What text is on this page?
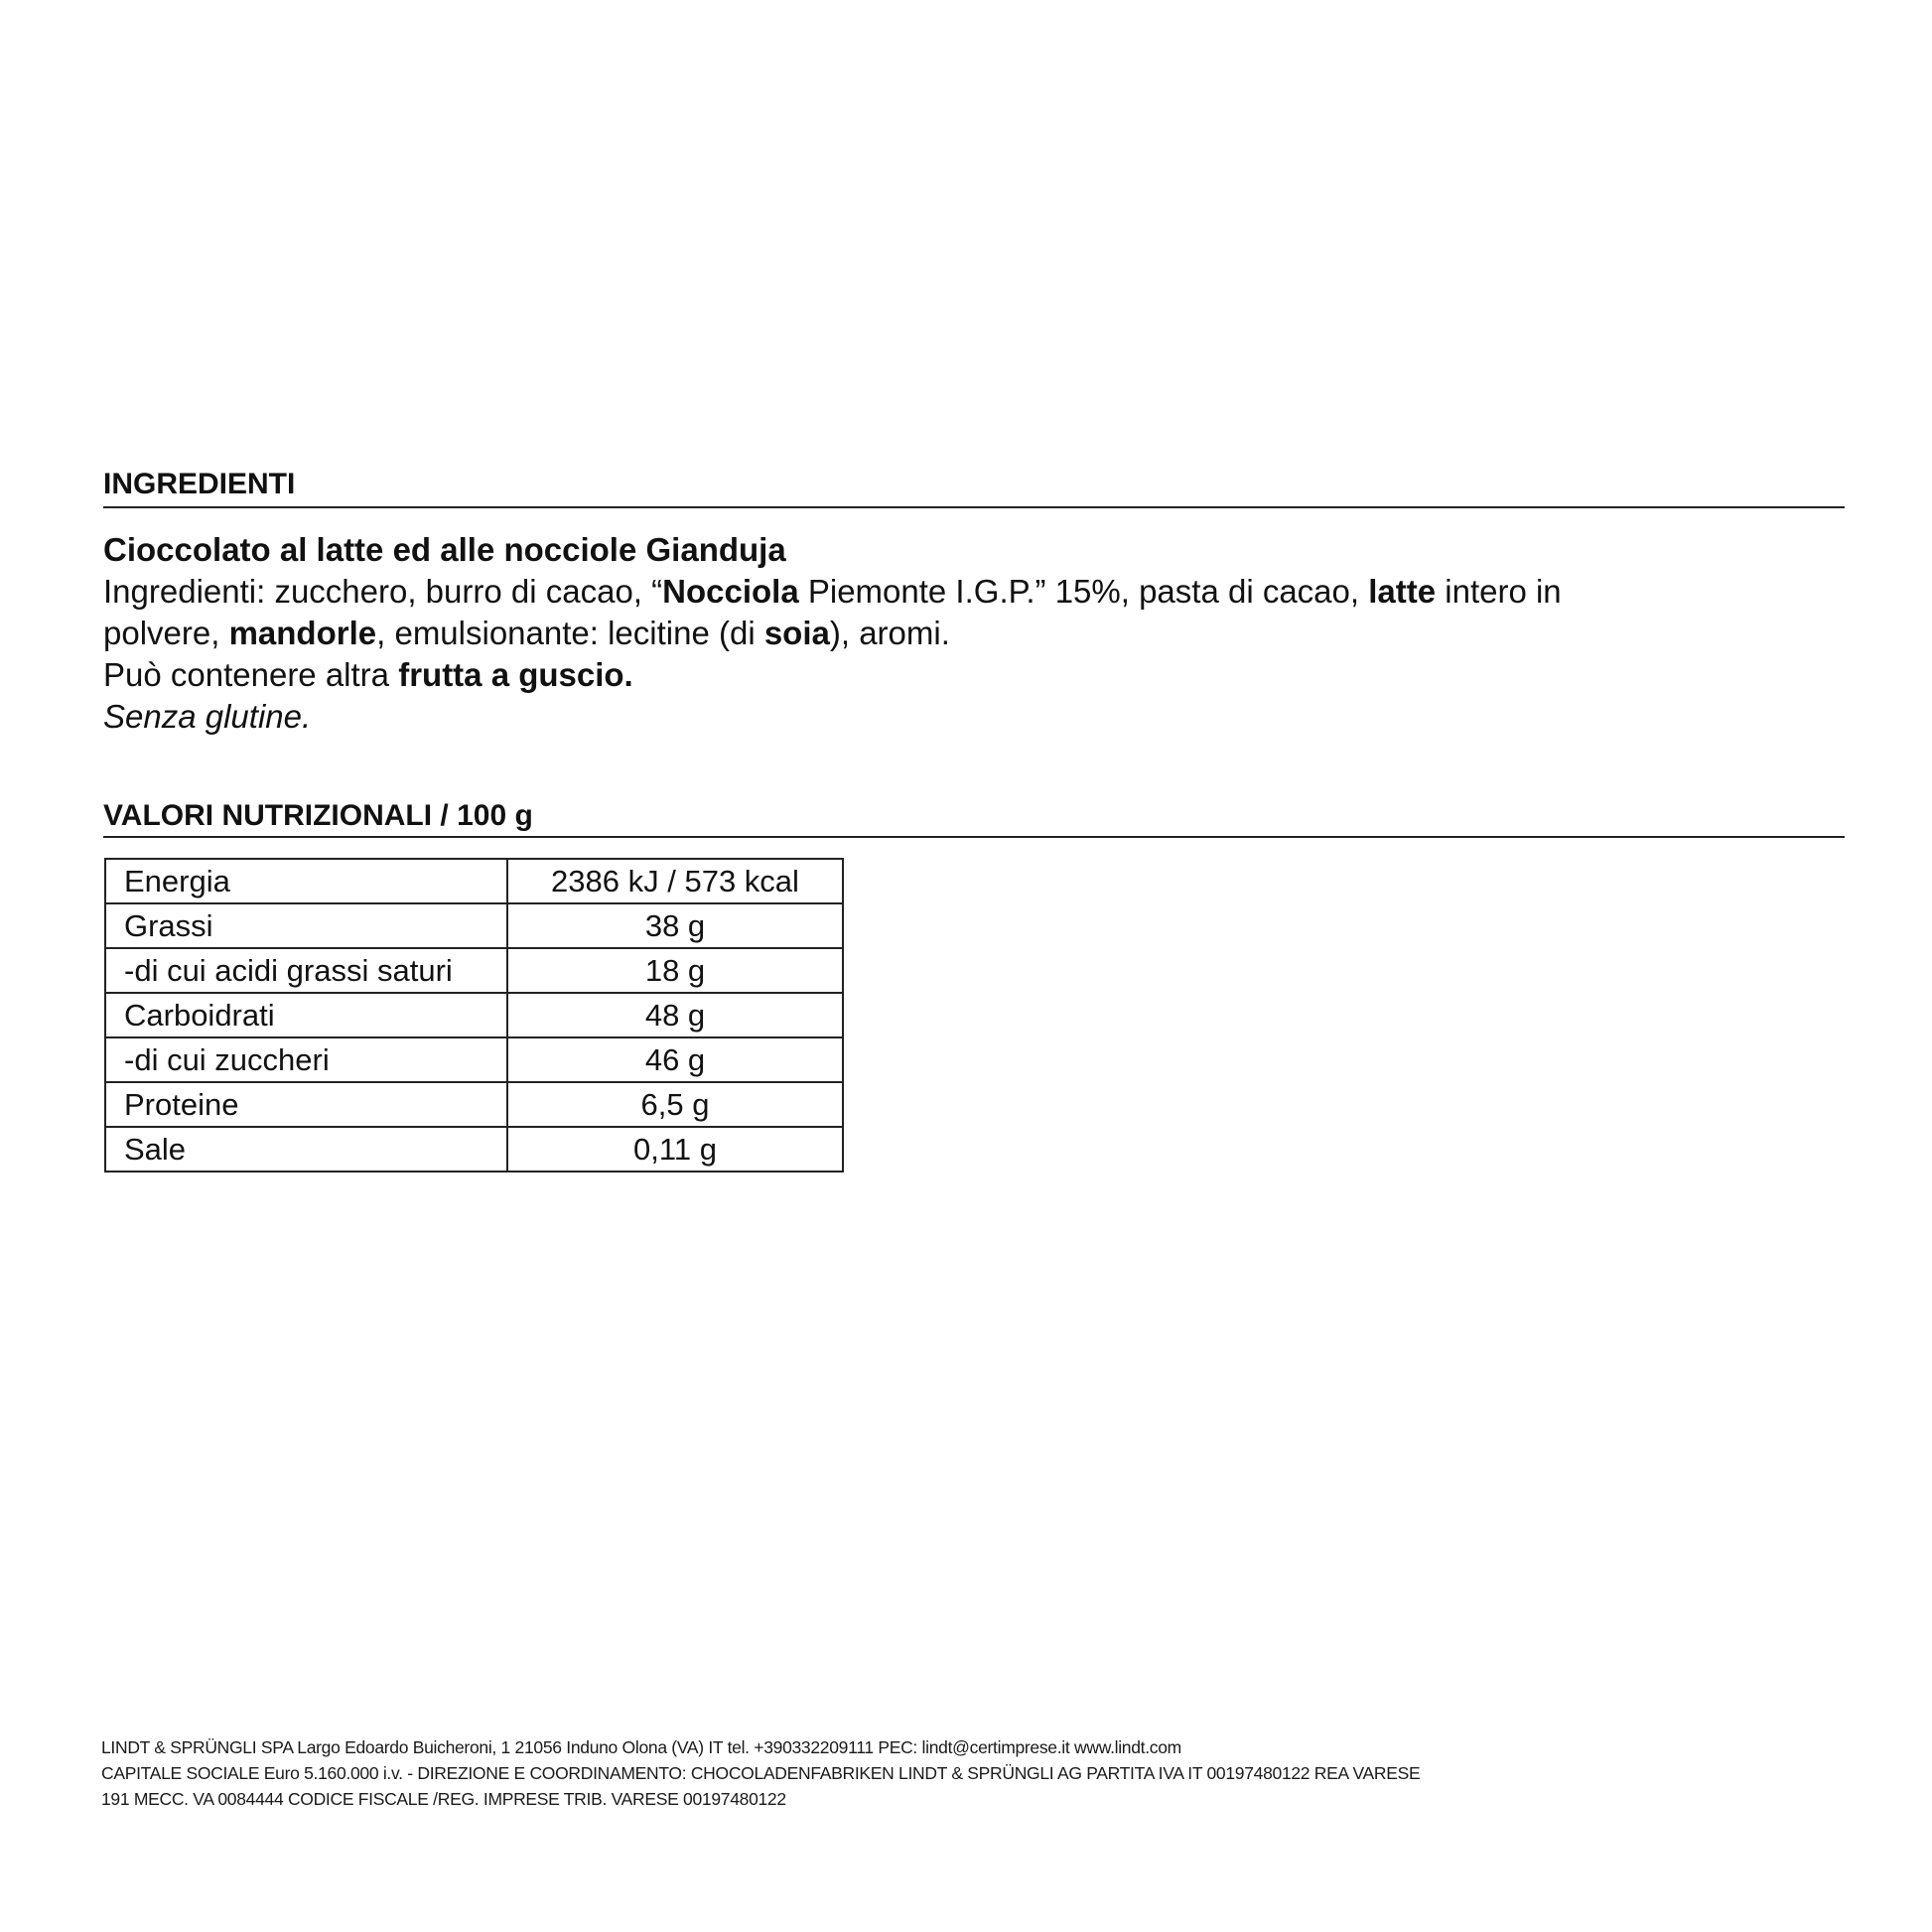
INGREDIENTI

Cioccolato al latte ed alle nocciole Gianduja

Ingredienti: zucchero, burro di cacao, “Nocciola Piemonte I.G.P.” 15%, pasta di cacao, latte intero in

polvere, mandorle, emulsionante: lecitine (di soia), aromi.

Può contenere altra frutta a guscio.

Senza glutine.

VALORI NUTRIZIONALI / 100 g
Energia	2386 kJ / 573 kcal
Grassi	38 g
-di cui acidi grassi saturi	18 g
Carboidrati	48 g
-di cui zuccheri	46 g
Proteine	6,5 g
Sale	0,11 g
LINDT & SPRÜNGLI SPA Largo Edoardo Buicheroni, 1 21056 Induno Olona (VA) IT tel. +390332209111 PEC: lindt@certimprese.it www.lindt.com
CAPITALE SOCIALE Euro 5.160.000 i.v. - DIREZIONE E COORDINAMENTO: CHOCOLADENFABRIKEN LINDT & SPRÜNGLI AG PARTITA IVA IT 00197480122 REA VARESE
191 MECC. VA 0084444 CODICE FISCALE /REG. IMPRESE TRIB. VARESE 00197480122
